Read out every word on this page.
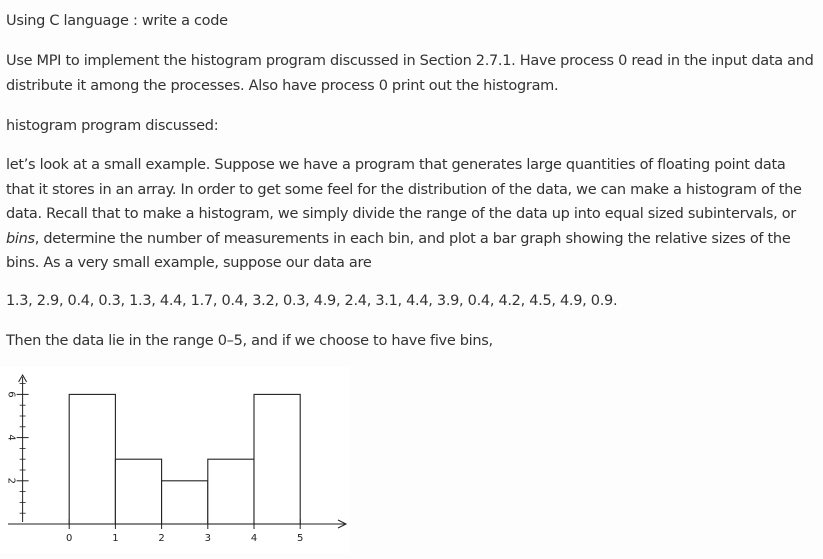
Using C language : write a code

Use MPI to implement the histogram program discussed in Section 2.7.1. Have process 0 read in the input data and distribute it among the processes. Also have process 0 print out the histogram.

histogram program discussed:

let’s look at a small example. Suppose we have a program that generates large quantities of floating point data that it stores in an array. In order to get some feel for the distribution of the data, we can make a histogram of the data. Recall that to make a histogram, we simply divide the range of the data up into equal sized subintervals, or bins, determine the number of measurements in each bin, and plot a bar graph showing the relative sizes of the bins. As a very small example, suppose our data are

1.3, 2.9, 0.4, 0.3, 1.3, 4.4, 1.7, 0.4, 3.2, 0.3, 4.9, 2.4, 3.1, 4.4, 3.9, 0.4, 4.2, 4.5, 4.9, 0.9.

Then the data lie in the range 0–5, and if we choose to have five bins,

2
4
6
0	1	2	3	4	5
